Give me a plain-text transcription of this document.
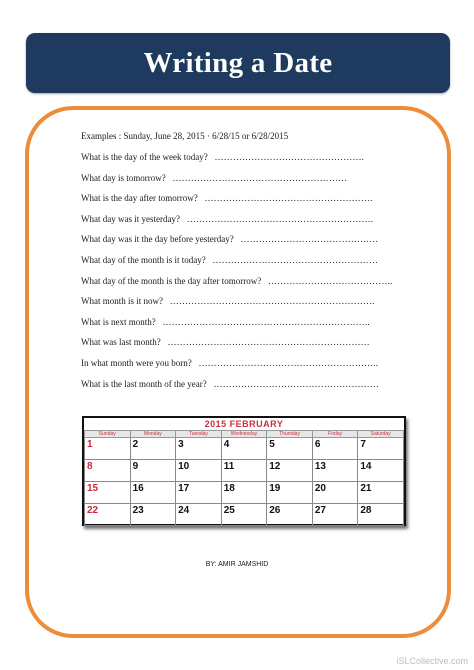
Writing a Date
Examples : Sunday, June 28, 2015 · 6/28/15 or 6/28/2015
What is the day of the week today? ………………………………………….
What day is tomorrow? …………………………………………………
What is the day after tomorrow? ……………………………………………….
What day was it yesterday? …………………………………………………….
What day was it the day before yesterday? ………………………………………
What day of the month is it today? ………………………………………………
What day of the month is the day after tomorrow? …………………………………..
What month is it now? ………………………………………………………….
What is next month? …………………………………………………………..
What was last month? …………………………………………………………
In what month were you born? …………………………………………………..
What is the last month of the year? ………………………………………………
2015 FEBRUARY
Sunday	Monday	Tuesday	Wednesday	Thursday	Friday	Saturday
1	2	3	4	5	6	7
8	9	10	11	12	13	14
15	16	17	18	19	20	21
22	23	24	25	26	27	28
BY: AMIR JAMSHID
iSLCollective.com
